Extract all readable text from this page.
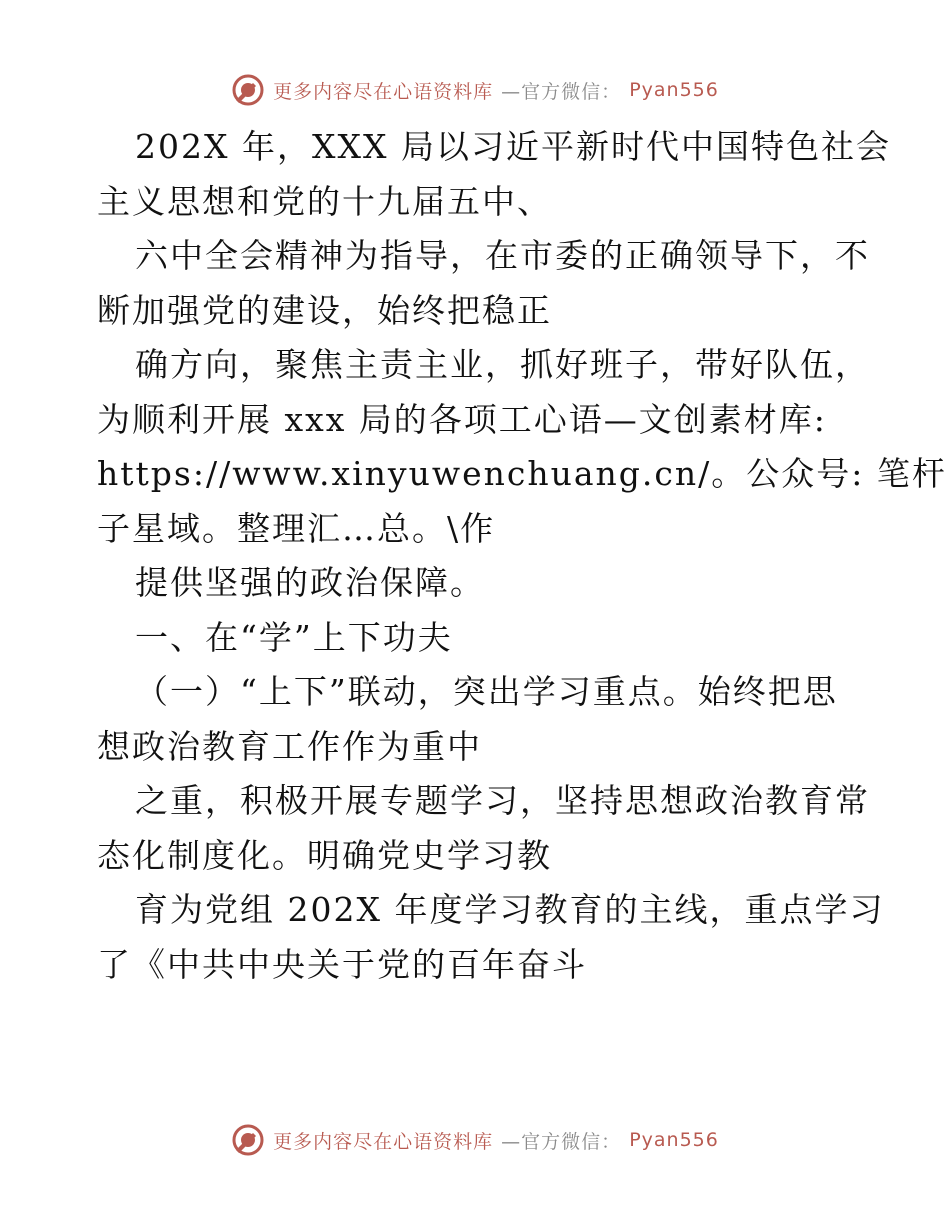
更多内容尽在心语资料库 —官方微信： Pyan556
202X 年，XXX 局以习近平新时代中国特色社会
主义思想和党的十九届五中、
六中全会精神为指导，在市委的正确领导下，不
断加强党的建设，始终把稳正
确方向，聚焦主责主业，抓好班子，带好队伍，
为顺利开展 xxx 局的各项工心语—文创素材库:
https://www.xinyuwenchuang.cn/。公众号: 笔杆
子星域。整理汇…总。\作
提供坚强的政治保障。
一、在“学”上下功夫
（一）“上下”联动，突出学习重点。始终把思
想政治教育工作作为重中
之重，积极开展专题学习，坚持思想政治教育常
态化制度化。明确党史学习教
育为党组 202X 年度学习教育的主线，重点学习
了《中共中央关于党的百年奋斗
更多内容尽在心语资料库 —官方微信： Pyan556
